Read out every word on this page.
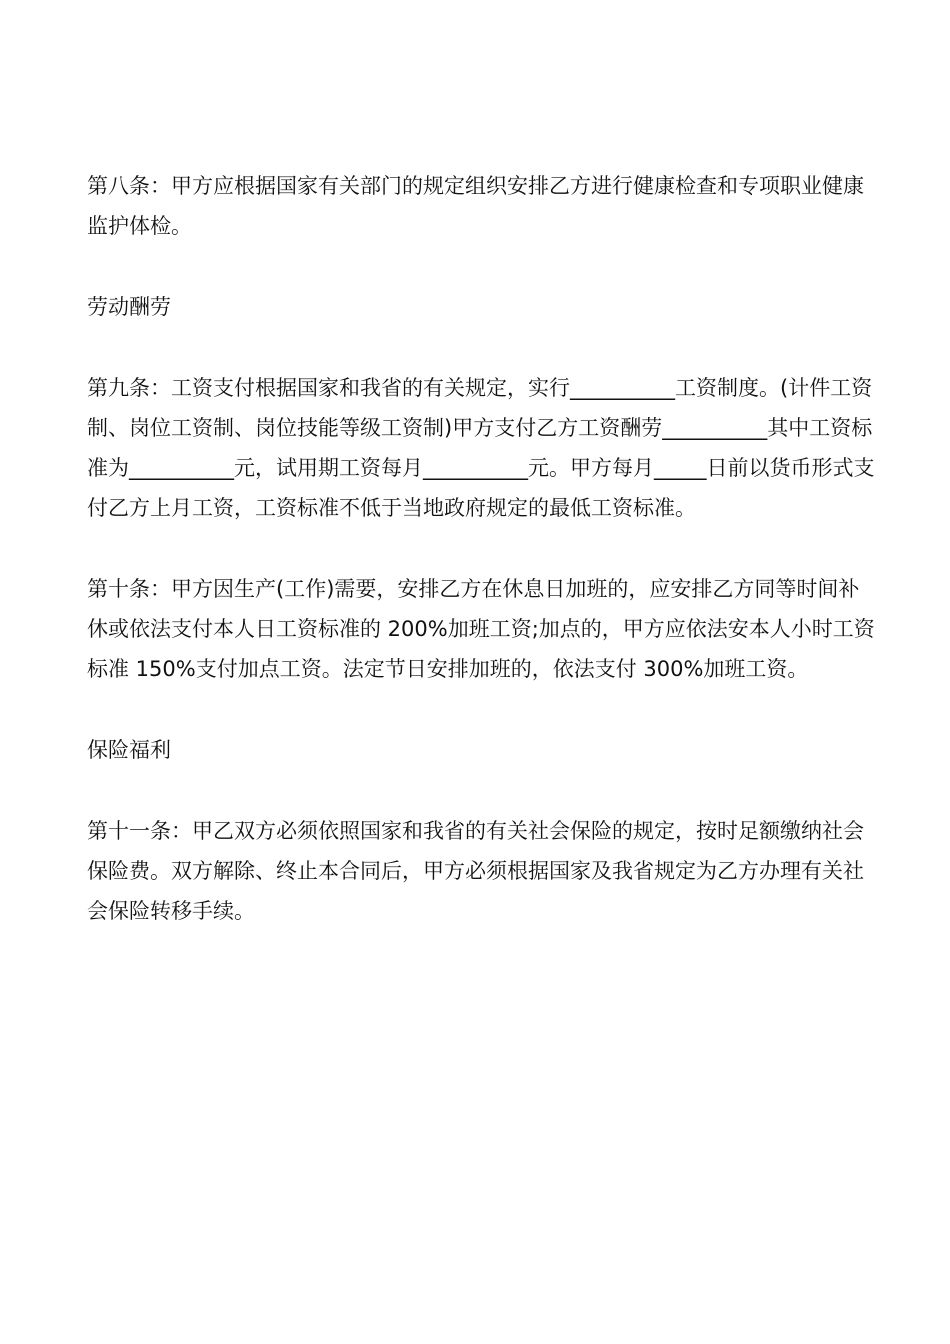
第八条：甲方应根据国家有关部门的规定组织安排乙方进行健康检查和专项职业健康监护体检。

劳动酬劳

第九条：工资支付根据国家和我省的有关规定，实行__________工资制度。(计件工资制、岗位工资制、岗位技能等级工资制)甲方支付乙方工资酬劳__________其中工资标准为__________元，试用期工资每月__________元。甲方每月_____日前以货币形式支付乙方上月工资，工资标准不低于当地政府规定的最低工资标准。

第十条：甲方因生产(工作)需要，安排乙方在休息日加班的，应安排乙方同等时间补休或依法支付本人日工资标准的 200%加班工资;加点的，甲方应依法安本人小时工资标准 150%支付加点工资。法定节日安排加班的，依法支付 300%加班工资。

保险福利

第十一条：甲乙双方必须依照国家和我省的有关社会保险的规定，按时足额缴纳社会保险费。双方解除、终止本合同后，甲方必须根据国家及我省规定为乙方办理有关社会保险转移手续。
